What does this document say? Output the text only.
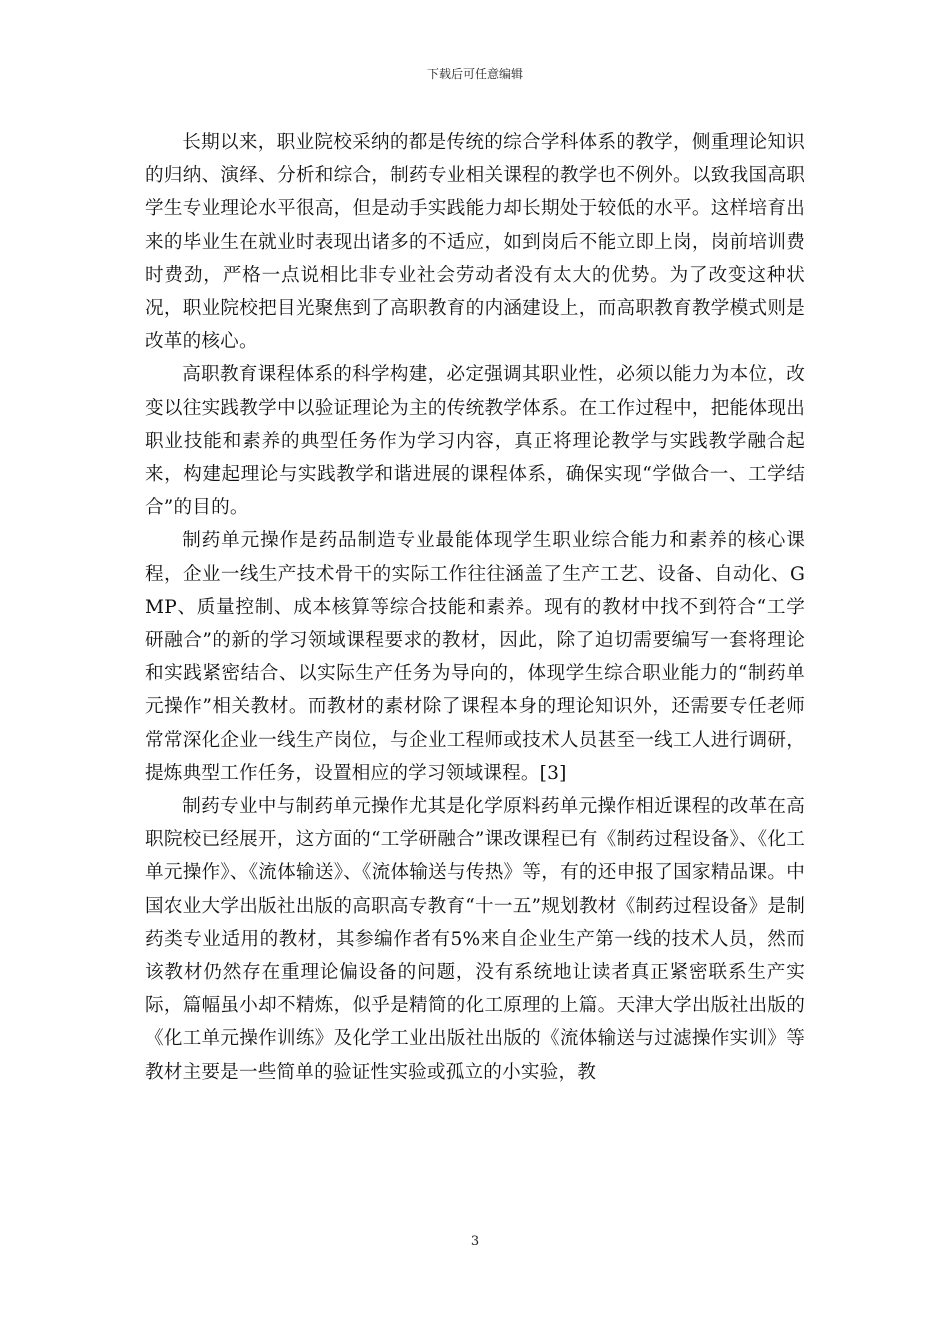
下载后可任意编辑

长期以来，职业院校采纳的都是传统的综合学科体系的教学，侧重理论知识的归纳、演绎、分析和综合，制药专业相关课程的教学也不例外。以致我国高职学生专业理论水平很高，但是动手实践能力却长期处于较低的水平。这样培育出来的毕业生在就业时表现出诸多的不适应，如到岗后不能立即上岗，岗前培训费时费劲，严格一点说相比非专业社会劳动者没有太大的优势。为了改变这种状况，职业院校把目光聚焦到了高职教育的内涵建设上，而高职教育教学模式则是改革的核心。

高职教育课程体系的科学构建，必定强调其职业性，必须以能力为本位，改变以往实践教学中以验证理论为主的传统教学体系。在工作过程中，把能体现出职业技能和素养的典型任务作为学习内容，真正将理论教学与实践教学融合起来，构建起理论与实践教学和谐进展的课程体系，确保实现“学做合一、工学结合”的目的。

制药单元操作是药品制造专业最能体现学生职业综合能力和素养的核心课程，企业一线生产技术骨干的实际工作往往涵盖了生产工艺、设备、自动化、GMP、质量控制、成本核算等综合技能和素养。现有的教材中找不到符合“工学研融合”的新的学习领域课程要求的教材，因此，除了迫切需要编写一套将理论和实践紧密结合、以实际生产任务为导向的，体现学生综合职业能力的“制药单元操作”相关教材。而教材的素材除了课程本身的理论知识外，还需要专任老师常常深化企业一线生产岗位，与企业工程师或技术人员甚至一线工人进行调研，提炼典型工作任务，设置相应的学习领域课程。[3]

制药专业中与制药单元操作尤其是化学原料药单元操作相近课程的改革在高职院校已经展开，这方面的“工学研融合”课改课程已有《制药过程设备》、《化工单元操作》、《流体输送》、《流体输送与传热》等，有的还申报了国家精品课。中国农业大学出版社出版的高职高专教育“十一五”规划教材《制药过程设备》是制药类专业适用的教材，其参编作者有5%来自企业生产第一线的技术人员，然而该教材仍然存在重理论偏设备的问题，没有系统地让读者真正紧密联系生产实际，篇幅虽小却不精炼，似乎是精简的化工原理的上篇。天津大学出版社出版的《化工单元操作训练》及化学工业出版社出版的《流体输送与过滤操作实训》等教材主要是一些简单的验证性实验或孤立的小实验，教

3
